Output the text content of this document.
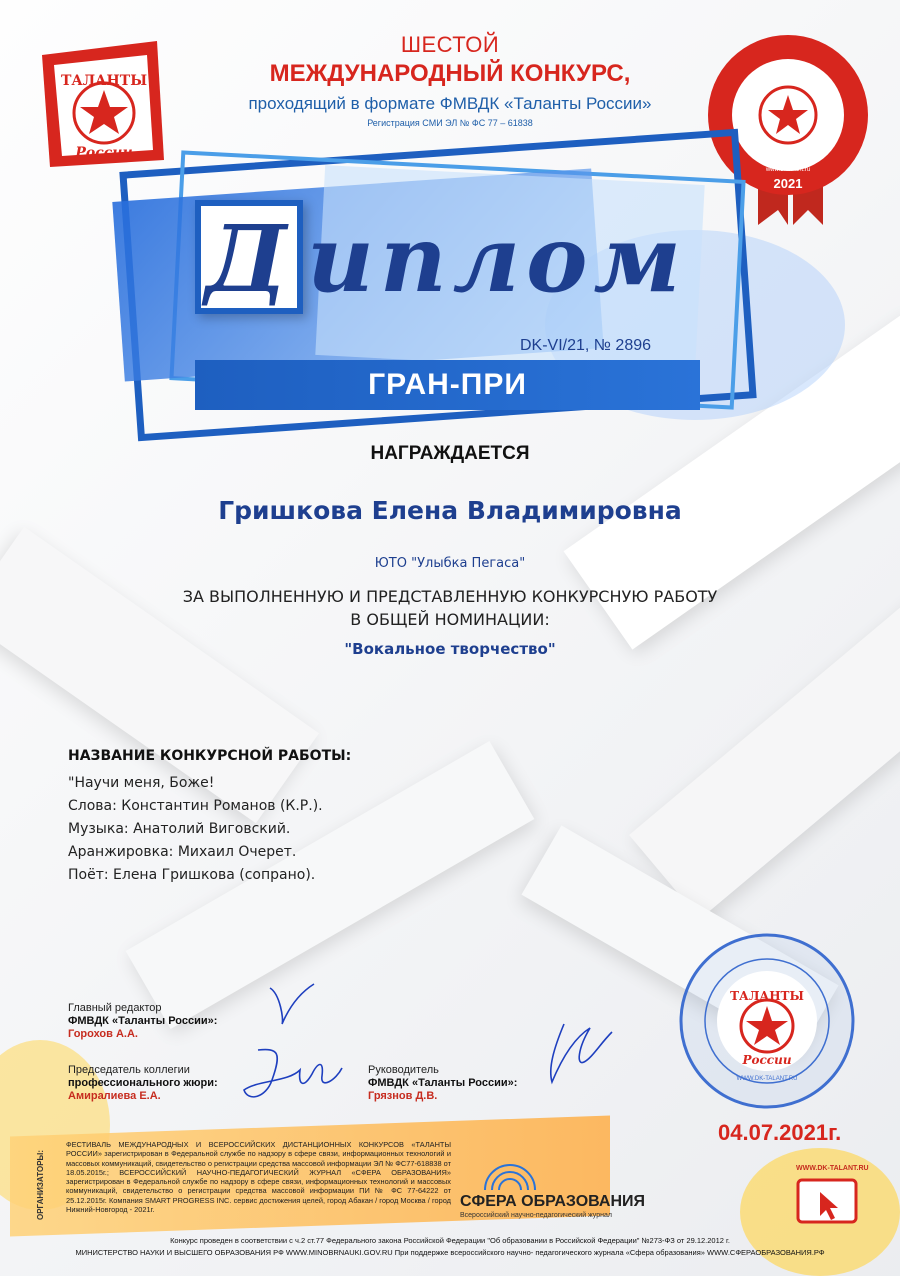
ТАЛАНТЫ
России
www.dk-talant.ru
2021
ШЕСТОЙ
МЕЖДУНАРОДНЫЙ КОНКУРС,
проходящий в формате ФМВДК «Таланты России»
Регистрация СМИ ЭЛ № ФС 77 – 61838
Д иплом
DK-VI/21, № 2896
ГРАН-ПРИ
НАГРАЖДАЕТСЯ
Гришкова Елена Владимировна
ЮТО "Улыбка Пегаса"
ЗА ВЫПОЛНЕННУЮ И ПРЕДСТАВЛЕННУЮ КОНКУРСНУЮ РАБОТУ
В ОБЩЕЙ НОМИНАЦИИ:
"Вокальное творчество"
НАЗВАНИЕ КОНКУРСНОЙ РАБОТЫ:
"Научи меня, Боже!
Слова: Константин Романов (К.Р.).
Музыка: Анатолий Виговский.
Аранжировка: Михаил Очерет.
Поёт: Елена Гришкова (сопрано).
Главный редактор
ФМВДК «Таланты России»:
Горохов А.А.
Председатель коллегии
профессионального жюри:
Амиралиева Е.А.
Руководитель
ФМВДК «Таланты России»:
Грязнов Д.В.
ТАЛАНТЫ
России
WWW.DK-TALANT.RU
04.07.2021г.
ОРГАНИЗАТОРЫ:
ФЕСТИВАЛЬ МЕЖДУНАРОДНЫХ И ВСЕРОССИЙСКИХ ДИСТАНЦИОННЫХ КОНКУРСОВ «ТАЛАНТЫ РОССИИ» зарегистрирован в Федеральной службе по надзору в сфере связи, информационных технологий и массовых коммуникаций, свидетельство о регистрации средства массовой информации ЭЛ № ФС77-618838 от 18.05.2015г.; ВСЕРОССИЙСКИЙ НАУЧНО-ПЕДАГОГИЧЕСКИЙ ЖУРНАЛ «СФЕРА ОБРАЗОВАНИЯ» зарегистрирован в Федеральной службе по надзору в сфере связи, информационных технологий и массовых коммуникаций, свидетельство о регистрации средства массовой информации ПИ № ФС 77-64222 от 25.12.2015г. Компания SMART PROGRESS INC. сервис достижения целей, город Абакан / город Москва / город Нижний-Новгород - 2021г.	СФЕРА ОБРАЗОВАНИЯ
Всероссийский научно-педагогический журнал
WWW.DK-TALANT.RU
Конкурс проведен в соответствии с ч.2 ст.77 Федерального закона Российской Федерации "Об образовании в Российской Федерации" №273-ФЗ от 29.12.2012 г.
МИНИСТЕРСТВО НАУКИ И ВЫСШЕГО ОБРАЗОВАНИЯ РФ WWW.MINOBRNAUKI.GOV.RU При поддержке всероссийского научно- педагогического журнала «Сфера образования» WWW.СФЕРАОБРАЗОВАНИЯ.РФ
